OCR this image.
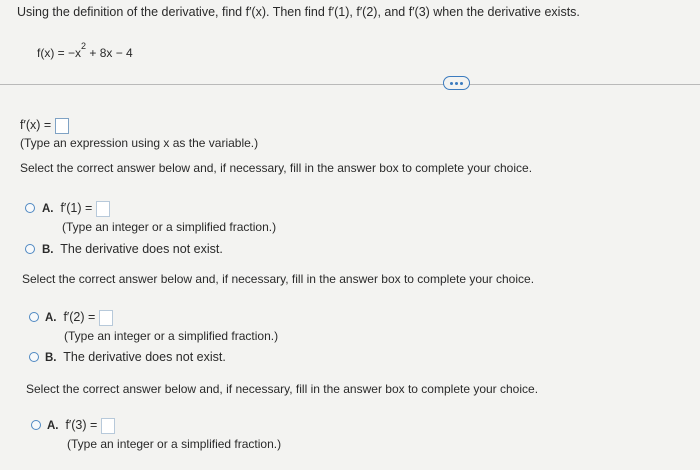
Using the definition of the derivative, find f′(x). Then find f′(1), f′(2), and f′(3) when the derivative exists.
$f(x) = -x^2 + 8x - 4$
f′(x) =
(Type an expression using x as the variable.)
Select the correct answer below and, if necessary, fill in the answer box to complete your choice.
A. f′(1) =
(Type an integer or a simplified fraction.)
B. The derivative does not exist.
Select the correct answer below and, if necessary, fill in the answer box to complete your choice.
A. f′(2) =
(Type an integer or a simplified fraction.)
B. The derivative does not exist.
Select the correct answer below and, if necessary, fill in the answer box to complete your choice.
A. f′(3) =
(Type an integer or a simplified fraction.)
